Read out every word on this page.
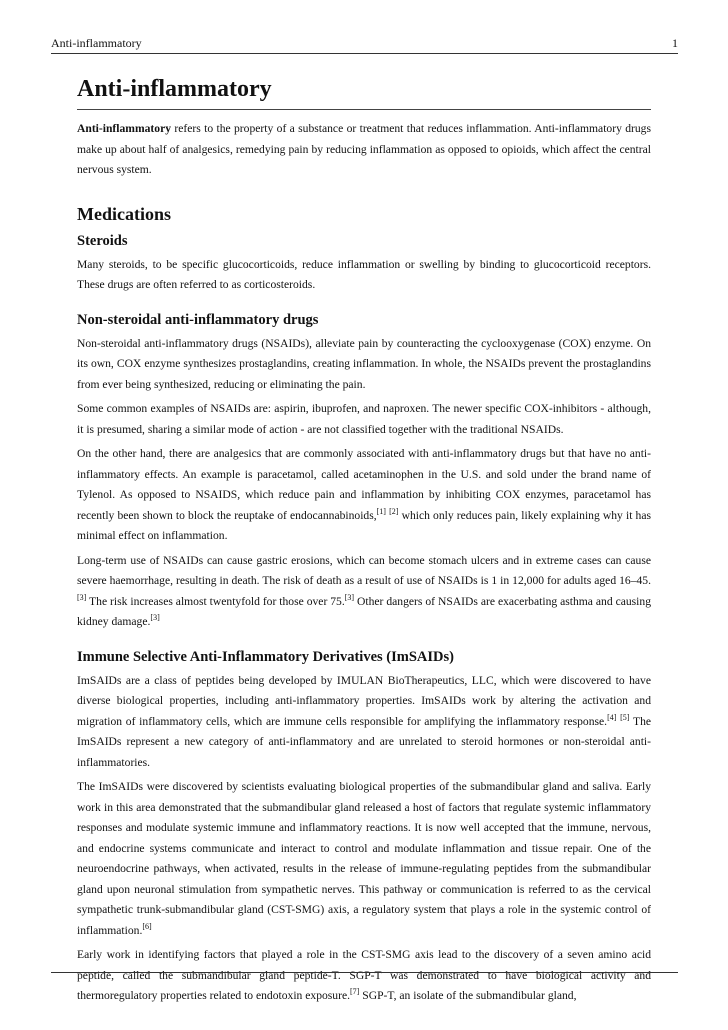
Anti-inflammatory	1
Anti-inflammatory

Anti-inflammatory refers to the property of a substance or treatment that reduces inflammation. Anti-inflammatory drugs make up about half of analgesics, remedying pain by reducing inflammation as opposed to opioids, which affect the central nervous system.

Medications
Steroids

Many steroids, to be specific glucocorticoids, reduce inflammation or swelling by binding to glucocorticoid receptors. These drugs are often referred to as corticosteroids.

Non-steroidal anti-inflammatory drugs

Non-steroidal anti-inflammatory drugs (NSAIDs), alleviate pain by counteracting the cyclooxygenase (COX) enzyme. On its own, COX enzyme synthesizes prostaglandins, creating inflammation. In whole, the NSAIDs prevent the prostaglandins from ever being synthesized, reducing or eliminating the pain.

Some common examples of NSAIDs are: aspirin, ibuprofen, and naproxen. The newer specific COX-inhibitors - although, it is presumed, sharing a similar mode of action - are not classified together with the traditional NSAIDs.

On the other hand, there are analgesics that are commonly associated with anti-inflammatory drugs but that have no anti-inflammatory effects. An example is paracetamol, called acetaminophen in the U.S. and sold under the brand name of Tylenol. As opposed to NSAIDS, which reduce pain and inflammation by inhibiting COX enzymes, paracetamol has recently been shown to block the reuptake of endocannabinoids,[1] [2] which only reduces pain, likely explaining why it has minimal effect on inflammation.

Long-term use of NSAIDs can cause gastric erosions, which can become stomach ulcers and in extreme cases can cause severe haemorrhage, resulting in death. The risk of death as a result of use of NSAIDs is 1 in 12,000 for adults aged 16–45.[3] The risk increases almost twentyfold for those over 75.[3] Other dangers of NSAIDs are exacerbating asthma and causing kidney damage.[3]

Immune Selective Anti-Inflammatory Derivatives (ImSAIDs)

ImSAIDs are a class of peptides being developed by IMULAN BioTherapeutics, LLC, which were discovered to have diverse biological properties, including anti-inflammatory properties. ImSAIDs work by altering the activation and migration of inflammatory cells, which are immune cells responsible for amplifying the inflammatory response.[4] [5] The ImSAIDs represent a new category of anti-inflammatory and are unrelated to steroid hormones or non-steroidal anti-inflammatories.

The ImSAIDs were discovered by scientists evaluating biological properties of the submandibular gland and saliva. Early work in this area demonstrated that the submandibular gland released a host of factors that regulate systemic inflammatory responses and modulate systemic immune and inflammatory reactions. It is now well accepted that the immune, nervous, and endocrine systems communicate and interact to control and modulate inflammation and tissue repair. One of the neuroendocrine pathways, when activated, results in the release of immune-regulating peptides from the submandibular gland upon neuronal stimulation from sympathetic nerves. This pathway or communication is referred to as the cervical sympathetic trunk-submandibular gland (CST-SMG) axis, a regulatory system that plays a role in the systemic control of inflammation.[6]

Early work in identifying factors that played a role in the CST-SMG axis lead to the discovery of a seven amino acid peptide, called the submandibular gland peptide-T. SGP-T was demonstrated to have biological activity and thermoregulatory properties related to endotoxin exposure.[7] SGP-T, an isolate of the submandibular gland,
